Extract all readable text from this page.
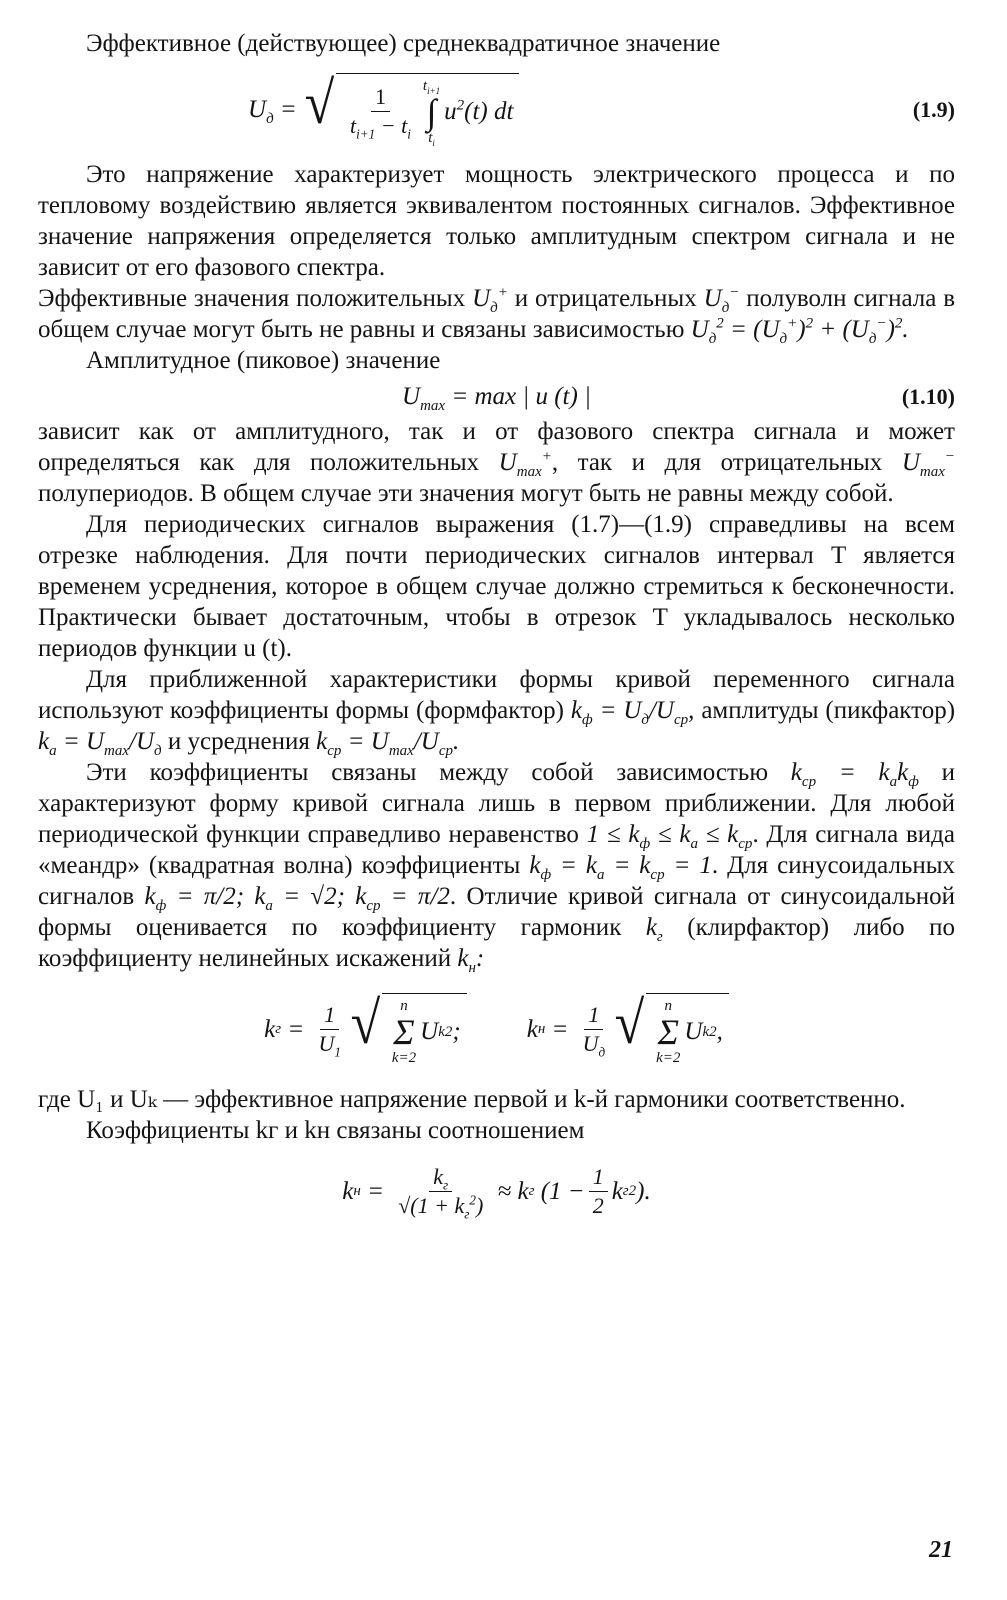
Эффективное (действующее) среднеквадратичное значение

$U_д$ = √ $\frac{1}{t_{i+1} - t_i} t_{i+1}$
∫
$t_i$
$u^2(t)$ dt	(1.9)

Это напряжение характеризует мощность электрического процесса и по тепловому воздействию является эквивалентом постоянных сигналов. Эффективное значение напряжения определяется только амплитудным спектром сигнала и не зависит от его фазового спектра.

Эффективные значения положительных $U_д^+$ и отрицательных $U_д^-$ полуволн сигнала в общем случае могут быть не равны и связаны зависимостью $U_д^2 = (U_д^+)^2 + (U_д^-)^2$.

Амплитудное (пиковое) значение

$U_{max} = \max$ | u (t) |	(1.10)

зависит как от амплитудного, так и от фазового спектра сигнала и может определяться как для положительных $U_{max}^+$, так и для отрицательных $U_{max}^-$ полупериодов. В общем случае эти значения могут быть не равны между собой.

Для периодических сигналов выражения (1.7)—(1.9) справедливы на всем отрезке наблюдения. Для почти периодических сигналов интервал T является временем усреднения, которое в общем случае должно стремиться к бесконечности. Практически бывает достаточным, чтобы в отрезок T укладывалось несколько периодов функции u (t).

Для приближенной характеристики формы кривой переменного сигнала используют коэффициенты формы (формфактор) $k_ф = U_д/U_{ср}$, амплитуды (пикфактор) $k_а = U_{max}/U_д$ и усреднения $k_{ср} = U_{max}/U_{ср}$.

Эти коэффициенты связаны между собой зависимостью $k_{ср} = k_аk_ф$ и характеризуют форму кривой сигнала лишь в первом приближении. Для любой периодической функции справедливо неравенство $1 \le k_ф \le k_а \le k_{ср}$. Для сигнала вида «меандр» (квадратная волна) коэффициенты $k_ф = k_а = k_{ср} = 1$. Для синусоидальных сигналов $k_ф = \pi/2$; $k_а = √2$; $k_{ср} = \pi/2$. Отличие кривой сигнала от синусоидальной формы оценивается по коэффициенту гармоник $k_г$ (клирфактор) либо по коэффициенту нелинейных искажений $k_н$:

k $г = \frac{1}{U_1}$ √ n
Σ
k=2
U k 2 ;	k $н = \frac{1}{U_д}$ √ n
Σ
k=2
U k 2 ,

где U₁ и Uₖ — эффективное напряжение первой и k-й гармоники соответственно.

Коэффициенты kг и kн связаны соотношением

k $н = \frac{k_г}{√(1 + k_г^2)} \approx k$ г ($1 - \frac{1}{2}$ k г 2 ).
21
